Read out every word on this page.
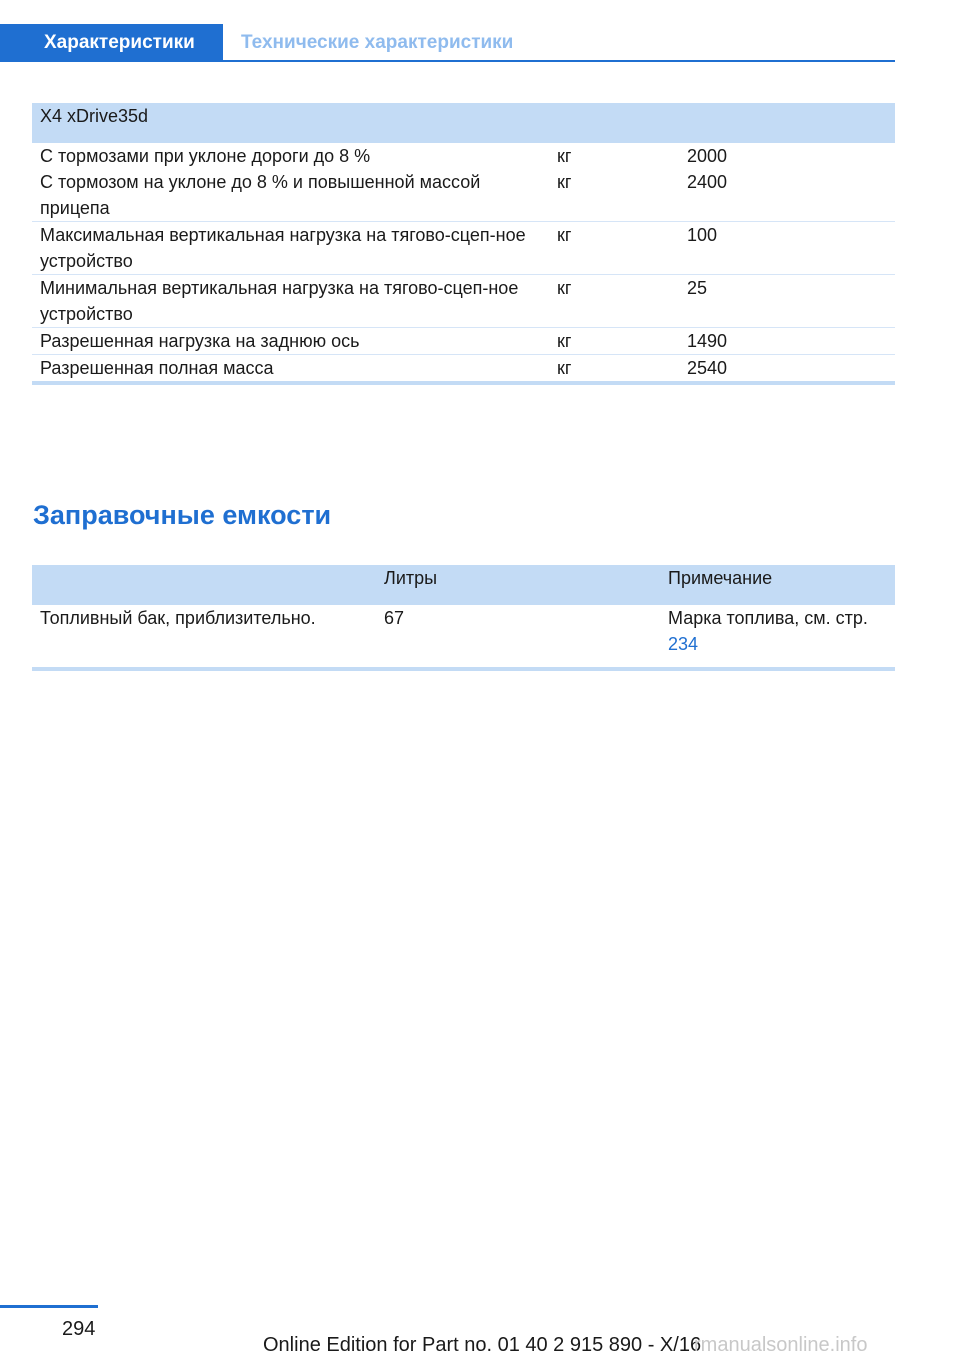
Характеристики	Технические характеристики
X4 xDrive35d		
С тормозами при уклоне дороги до 8 %	кг	2000
С тормозом на уклоне до 8 % и повышенной массой прицепа	кг	2400
Максимальная вертикальная нагрузка на тягово-сцеп-ное устройство	кг	100
Минимальная вертикальная нагрузка на тягово-сцеп-ное устройство	кг	25
Разрешенная нагрузка на заднюю ось	кг	1490
Разрешенная полная масса	кг	2540
Заправочные емкости
	Литры	Примечание
Топливный бак, приблизительно.	67	Марка топлива, см. стр. 234
294
Online Edition for Part no. 01 40 2 915 890 - X/16
rmanualsonline.info
